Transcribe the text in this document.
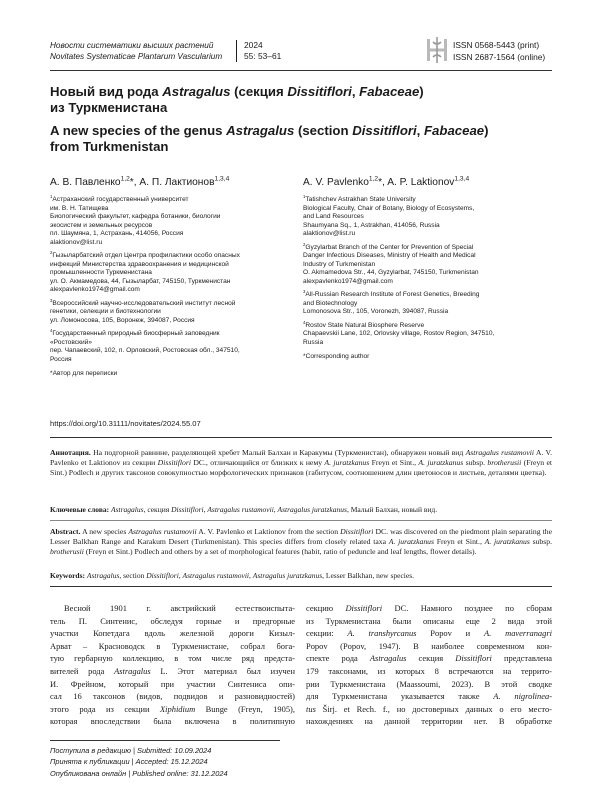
Новости систематики высших растений
Novitates Systematicae Plantarum Vascularium
2024
55: 53–61
ISSN 0568-5443 (print)
ISSN 2687-1564 (online)
Новый вид рода Astragalus (секция Dissitiflori, Fabaceae)
из Туркменистана
A new species of the genus Astragalus (section Dissitiflori, Fabaceae)
from Turkmenistan
А. В. Павленко$^{1,2}$*, А. П. Лактионов$^{1,3,4}$	A. V. Pavlenko$^{1,2}$*, A. P. Laktionov$^{1,3,4}$

$^1$Астраханский государственный университет
им. В. Н. Татищева
Биологический факультет, кафедра ботаники, биологии
экосистем и земельных ресурсов
пл. Шаумяна, 1, Астрахань, 414056, Россия
alaktionov@list.ru

$^2$Гызыларбатский отдел Центра профилактики особо опасных
инфекций Министерства здравоохранения и медицинской
промышленности Туркменистана
ул. О. Акмамедова, 44, Гызыларбат, 745150, Туркменистан
alexpavlenko1974@gmail.com

$^3$Всероссийский научно-исследовательский институт лесной
генетики, селекции и биотехнологии
ул. Ломоносова, 105, Воронеж, 394087, Россия

$^4$Государственный природный биосферный заповедник
«Ростовский»
пер. Чапаевский, 102, п. Орловский, Ростовская обл., 347510,
Россия

*Автор для переписки

$^1$Tatishchev Astrakhan State University
Biological Faculty, Chair of Botany, Biology of Ecosystems,
and Land Resources
Shaumyana Sq., 1, Astrakhan, 414056, Russia
alaktionov@list.ru

$^2$Gyzylarbat Branch of the Center for Prevention of Special
Danger Infectious Diseases, Ministry of Health and Medical
Industry of Turkmenistan
O. Akmamedova Str., 44, Gyzylarbat, 745150, Turkmenistan
alexpavlenko1974@gmail.com

$^3$All-Russian Research Institute of Forest Genetics, Breeding
and Biotechnology
Lomonosova Str., 105, Voronezh, 394087, Russia

$^4$Rostov State Natural Biosphere Reserve
Chapaevskii Lane, 102, Orlovsky village, Rostov Region, 347510,
Russia

*Corresponding author

https://doi.org/10.31111/novitates/2024.55.07
Аннотация. На подгорной равнине, разделяющей хребет Малый Балхан и Каракумы (Туркменистан), обнаружен новый вид Astragalus rustamovii A. V. Pavlenko et Laktionov из секции Dissitiflori DC., отличающийся от близких к нему A. juratzkanus Freyn et Sint., A. juratzkanus subsp. brotherusii (Freyn et Sint.) Podlech и других таксонов совокупностью морфологических признаков (габитусом, соотношением длин цветоносов и листьев, деталями цветка).
Ключевые слова: Astragalus, секция Dissitiflori, Astragalus rustamovii, Astragalus juratzkanus, Малый Балхан, новый вид.
Abstract. A new species Astragalus rustamovii A. V. Pavlenko et Laktionov from the section Dissitiflori DC. was discovered on the piedmont plain separating the Lesser Balkhan Range and Karakum Desert (Turkmenistan). This species differs from closely related taxa A. juratzkanus Freyn et Sint., A. juratzkanus subsp. brotherusii (Freyn et Sint.) Podlech and others by a set of morphological features (habit, ratio of peduncle and leaf lengths, flower details).
Keywords: Astragalus, section Dissitiflori, Astragalus rustamovii, Astragalus juratzkanus, Lesser Balkhan, new species.
Весной 1901 г. австрийский естествоиспыта-
тель П. Синтенис, обследуя горные и предгорные
участки Копетдага вдоль железной дороги Кизыл-
Арват – Красноводск в Туркменистане, собрал бога-
тую гербарную коллекцию, в том числе ряд предста-
вителей рода Astragalus L. Этот материал был изучен
И. Фрейном, который при участии Синтениса опи-
сал 16 таксонов (видов, подвидов и разновидностей)
этого рода из секции Xiphidium Bunge (Freyn, 1905),
которая впоследствии была включена в политипную
секцию Dissitiflori DC. Намного позднее по сборам
из Туркменистана были описаны еще 2 вида этой
секции: A. transhyrcanus Popov и A. maverranagri
Popov (Popov, 1947). В наиболее современном кон-
спекте рода Astragalus секция Dissitiflori представлена
179 таксонами, из которых 8 встречаются на террито-
рии Туркменистана (Maassoumi, 2023). В этой сводке
для Туркменистана указывается также A. nigrolinea-
tus Širj. et Rech. f., но достоверных данных о его место-
нахождениях на данной территории нет. В обработке
Поступила в редакцию | Submitted: 10.09.2024
Принята к публикации | Accepted: 15.12.2024
Опубликована онлайн | Published online: 31.12.2024
